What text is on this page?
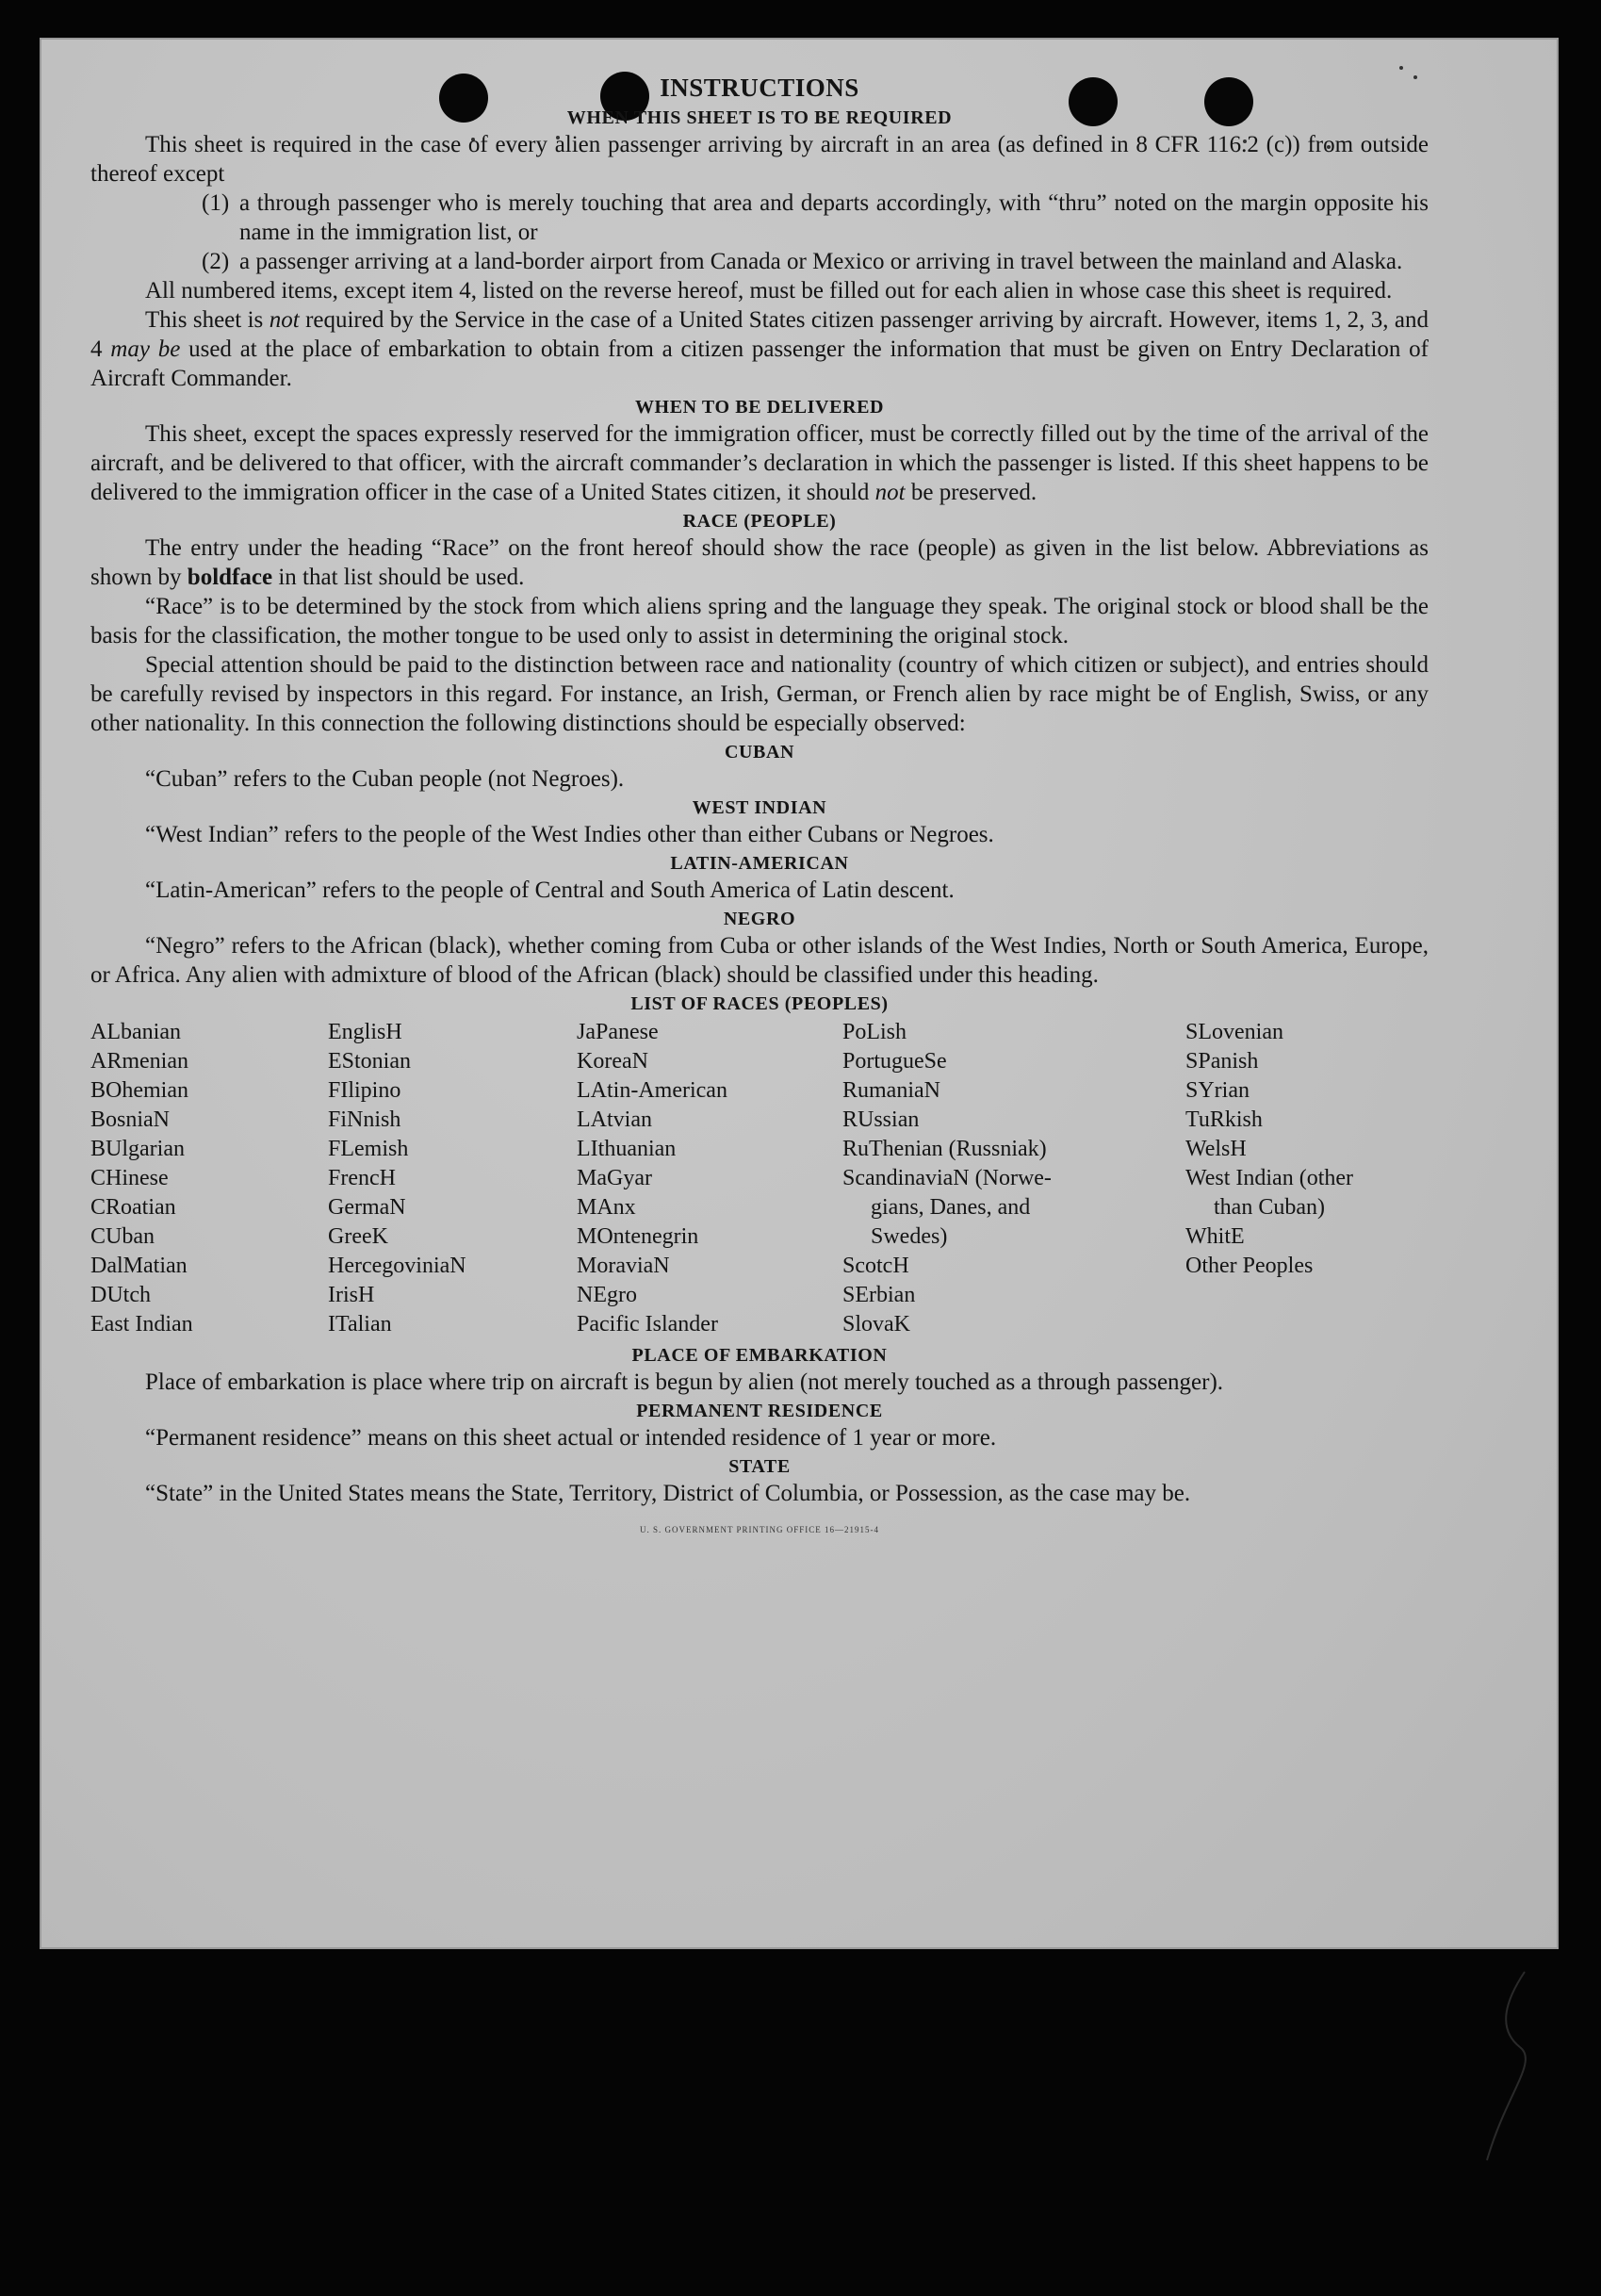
INSTRUCTIONS
WHEN THIS SHEET IS TO BE REQUIRED

This sheet is required in the case of every alien passenger arriving by aircraft in an area (as defined in 8 CFR 116.2 (c)) from outside thereof except

(1) a through passenger who is merely touching that area and departs accordingly, with “thru” noted on the margin opposite his name in the immigration list, or

(2) a passenger arriving at a land-border airport from Canada or Mexico or arriving in travel between the mainland and Alaska.

All numbered items, except item 4, listed on the reverse hereof, must be filled out for each alien in whose case this sheet is required.

This sheet is not required by the Service in the case of a United States citizen passenger arriving by aircraft. However, items 1, 2, 3, and 4 may be used at the place of embarkation to obtain from a citizen passenger the information that must be given on Entry Declaration of Aircraft Commander.

WHEN TO BE DELIVERED

This sheet, except the spaces expressly reserved for the immigration officer, must be correctly filled out by the time of the arrival of the aircraft, and be delivered to that officer, with the aircraft commander’s declaration in which the passenger is listed. If this sheet happens to be delivered to the immigration officer in the case of a United States citizen, it should not be preserved.

RACE (PEOPLE)

The entry under the heading “Race” on the front hereof should show the race (people) as given in the list below. Abbreviations as shown by boldface in that list should be used.

“Race” is to be determined by the stock from which aliens spring and the language they speak. The original stock or blood shall be the basis for the classification, the mother tongue to be used only to assist in determining the original stock.

Special attention should be paid to the distinction between race and nationality (country of which citizen or subject), and entries should be carefully revised by inspectors in this regard. For instance, an Irish, German, or French alien by race might be of English, Swiss, or any other nationality. In this connection the following distinctions should be especially observed:

CUBAN

“Cuban” refers to the Cuban people (not Negroes).

WEST INDIAN

“West Indian” refers to the people of the West Indies other than either Cubans or Negroes.

LATIN-AMERICAN

“Latin-American” refers to the people of Central and South America of Latin descent.

NEGRO

“Negro” refers to the African (black), whether coming from Cuba or other islands of the West Indies, North or South America, Europe, or Africa. Any alien with admixture of blood of the African (black) should be classified under this heading.

LIST OF RACES (PEOPLES)
ALbanian
ARmenian
BOhemian
BosniaN
BUlgarian
CHinese
CRoatian
CUban
DalMatian
DUtch
East Indian
EnglisH
EStonian
FIlipino
FiNnish
FLemish
FrencH
GermaN
GreeK
HercegoviniaN
IrisH
ITalian
JaPanese
KoreaN
LAtin-American
LAtvian
LIthuanian
MaGyar
MAnx
MOntenegrin
MoraviaN
NEgro
Pacific Islander
PoLish
PortugueSe
RumaniaN
RUssian
RuThenian (Russniak)
ScandinaviaN (Norwe-
gians, Danes, and
Swedes)
ScotcH
SErbian
SlovaK
SLovenian
SPanish
SYrian
TuRkish
WelsH
West Indian (other
than Cuban)
WhitE
Other Peoples
PLACE OF EMBARKATION

Place of embarkation is place where trip on aircraft is begun by alien (not merely touched as a through passenger).

PERMANENT RESIDENCE

“Permanent residence” means on this sheet actual or intended residence of 1 year or more.

STATE

“State” in the United States means the State, Territory, District of Columbia, or Possession, as the case may be.

U. S. GOVERNMENT PRINTING OFFICE 16—21915-4
